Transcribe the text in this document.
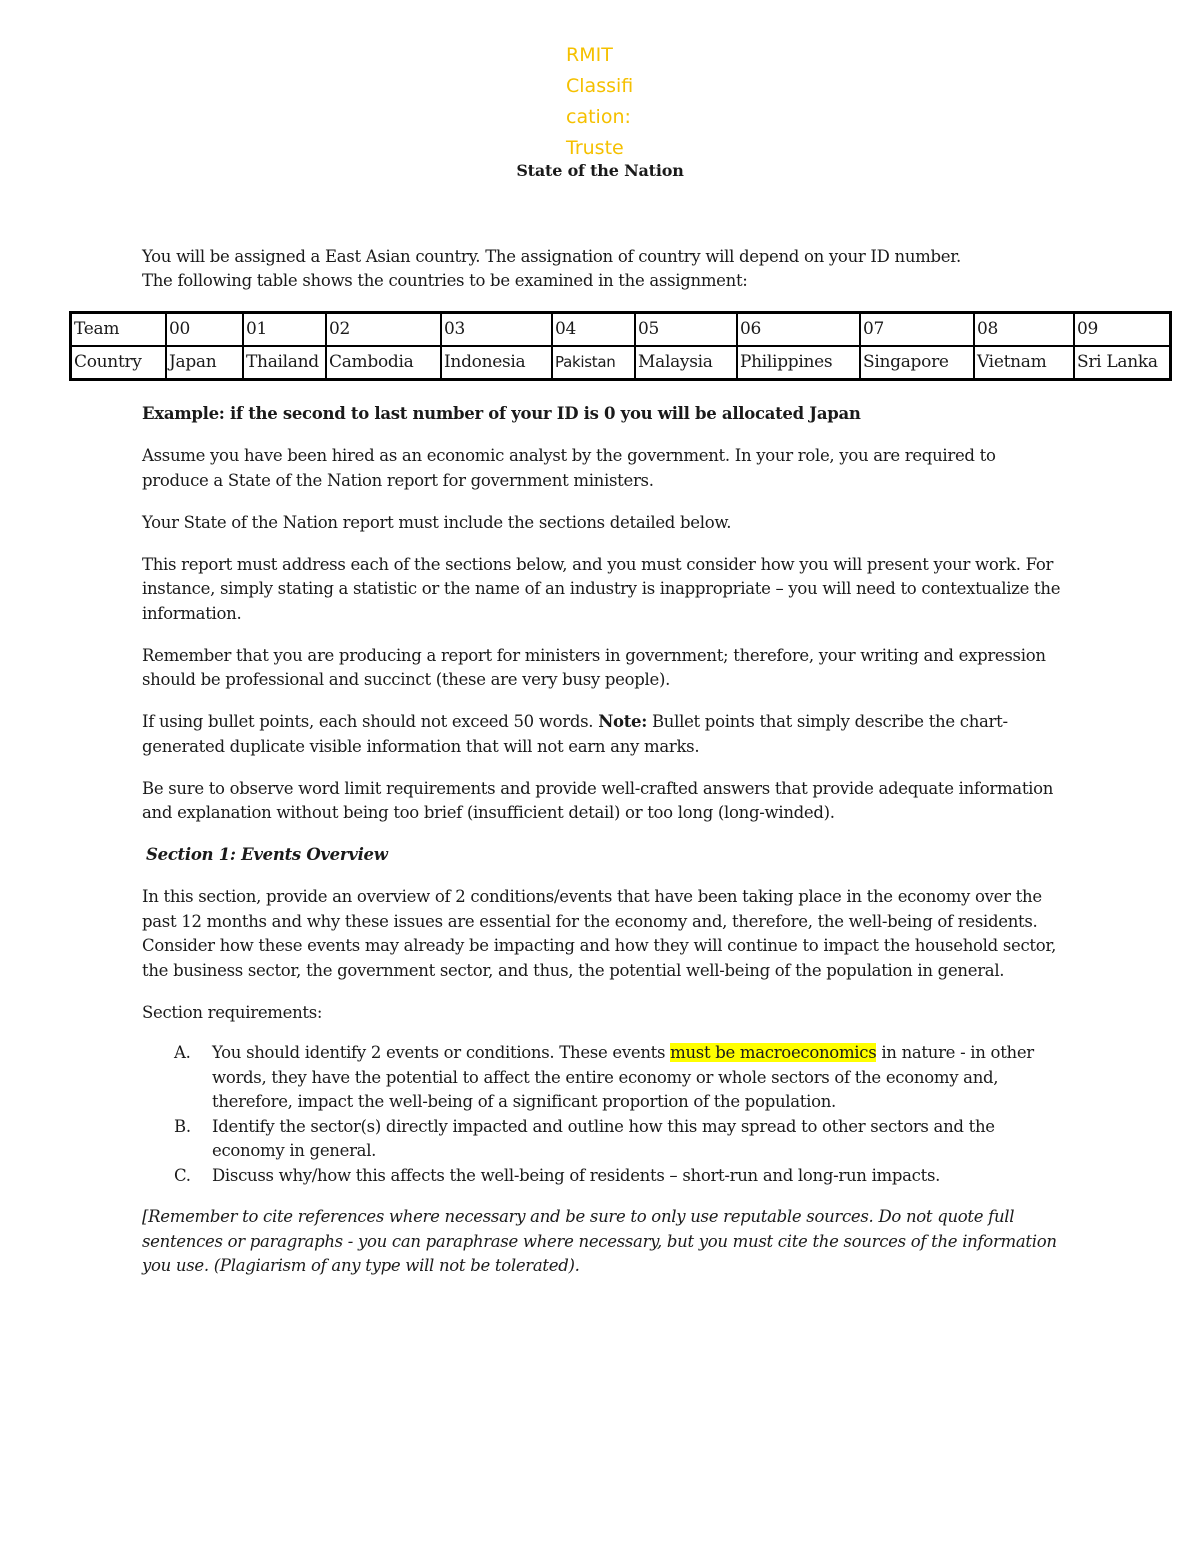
RMIT
Classifi
cation:
Truste
State of the Nation
You will be assigned a East Asian country. The assignation of country will depend on your ID number.
The following table shows the countries to be examined in the assignment:
Team	00	01	02	03	04	05	06	07	08	09
Country	Japan	Thailand	Cambodia	Indonesia	Pakistan	Malaysia	Philippines	Singapore	Vietnam	Sri Lanka

Example: if the second to last number of your ID is 0 you will be allocated Japan

Assume you have been hired as an economic analyst by the government. In your role, you are required to produce a State of the Nation report for government ministers.

Your State of the Nation report must include the sections detailed below.

This report must address each of the sections below, and you must consider how you will present your work. For instance, simply stating a statistic or the name of an industry is inappropriate – you will need to contextualize the information.

Remember that you are producing a report for ministers in government; therefore, your writing and expression should be professional and succinct (these are very busy people).

If using bullet points, each should not exceed 50 words. Note: Bullet points that simply describe the chart-generated duplicate visible information that will not earn any marks.

Be sure to observe word limit requirements and provide well-crafted answers that provide adequate information and explanation without being too brief (insufficient detail) or too long (long-winded).

Section 1: Events Overview

In this section, provide an overview of 2 conditions/events that have been taking place in the economy over the past 12 months and why these issues are essential for the economy and, therefore, the well-being of residents. Consider how these events may already be impacting and how they will continue to impact the household sector, the business sector, the government sector, and thus, the potential well-being of the population in general.

Section requirements:

A. You should identify 2 events or conditions. These events must be macroeconomics in nature - in other words, they have the potential to affect the entire economy or whole sectors of the economy and, therefore, impact the well-being of a significant proportion of the population.
B. Identify the sector(s) directly impacted and outline how this may spread to other sectors and the economy in general.
C. Discuss why/how this affects the well-being of residents – short-run and long-run impacts.

[Remember to cite references where necessary and be sure to only use reputable sources. Do not quote full sentences or paragraphs - you can paraphrase where necessary, but you must cite the sources of the information you use. (Plagiarism of any type will not be tolerated).
